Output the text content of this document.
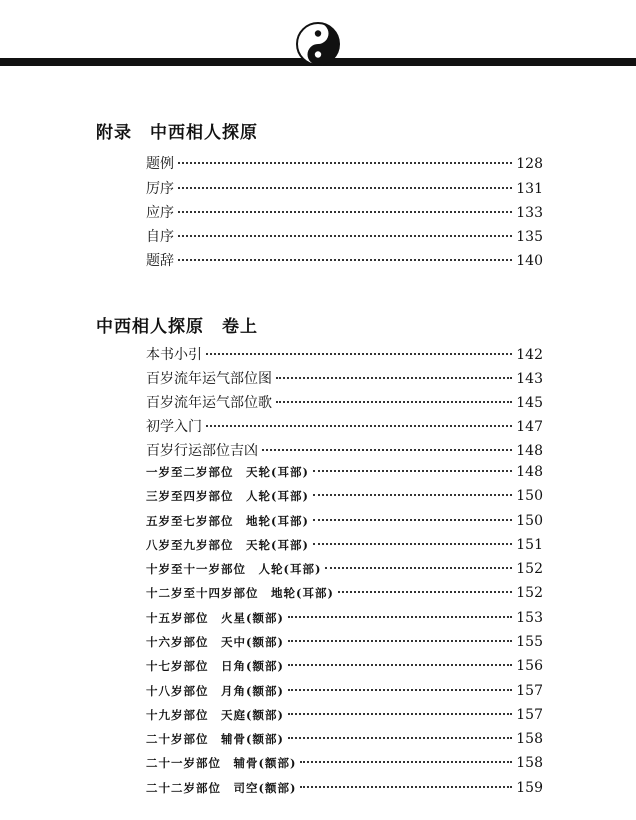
附录　中西相人探原
题例	128
厉序	131
应序	133
自序	135
题辞	140
中西相人探原　卷上
本书小引	142
百岁流年运气部位图	143
百岁流年运气部位歌	145
初学入门	147
百岁行运部位吉凶	148
一岁至二岁部位　天轮(耳部)	148
三岁至四岁部位　人轮(耳部)	150
五岁至七岁部位　地轮(耳部)	150
八岁至九岁部位　天轮(耳部)	151
十岁至十一岁部位　人轮(耳部)	152
十二岁至十四岁部位　地轮(耳部)	152
十五岁部位　火星(额部)	153
十六岁部位　天中(额部)	155
十七岁部位　日角(额部)	156
十八岁部位　月角(额部)	157
十九岁部位　天庭(额部)	157
二十岁部位　辅骨(额部)	158
二十一岁部位　辅骨(额部)	158
二十二岁部位　司空(额部)	159
